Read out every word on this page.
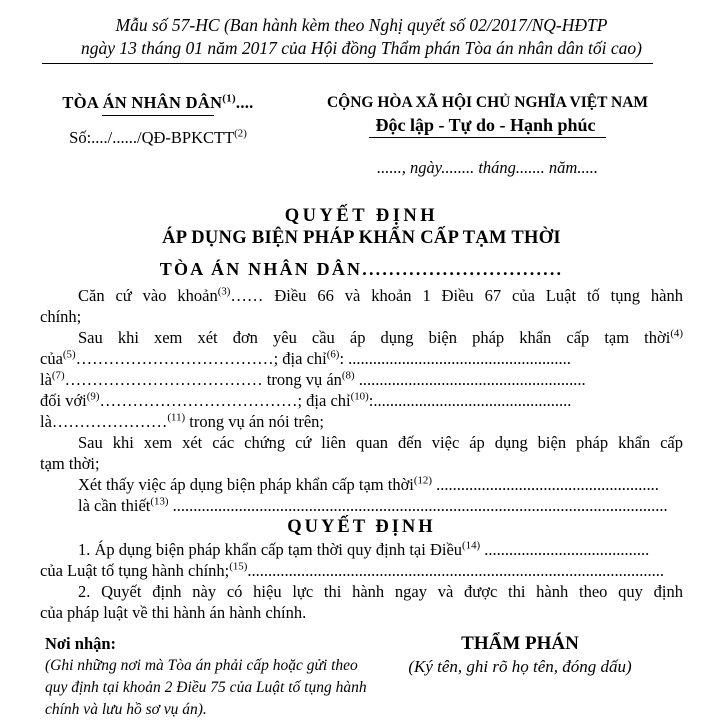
Mẫu số 57-HC (Ban hành kèm theo Nghị quyết số 02/2017/NQ-HĐTP
ngày 13 tháng 01 năm 2017 của Hội đồng Thẩm phán Tòa án nhân dân tối cao)
TÒA ÁN NHÂN DÂN$^{(1)}$....
Số:..../....../QĐ-BPKCTT$^{(2)}$
CỘNG HÒA XÃ HỘI CHỦ NGHĨA VIỆT NAM
Độc lập - Tự do - Hạnh phúc
......, ngày........ tháng....... năm.....
QUYẾT ĐỊNH
ÁP DỤNG BIỆN PHÁP KHẨN CẤP TẠM THỜI
TÒA ÁN NHÂN DÂN..............................
Căn cứ vào khoản$^{(3)}$…… Điều 66 và khoản 1 Điều 67 của Luật tố tụng hành
chính;
Sau khi xem xét đơn yêu cầu áp dụng biện pháp khẩn cấp tạm thời$^{(4)}$
của$^{(5)}$………………………………; địa chỉ$^{(6)}$: ......................................................
$là^{(7)}\dots\dots\dots\dots\dots\dots\dots\dots\dots\dots\dots\dots$ trong vụ $án^{(8)}$ .......................................................
đối với$^{(9)}$………………………………; địa chỉ$^{(10)}$:................................................
là…………………$^{(11)}$ trong vụ án nói trên;
Sau khi xem xét các chứng cứ liên quan đến việc áp dụng biện pháp khẩn cấp
tạm thời;
Xét thấy việc áp dụng biện pháp khẩn cấp tạm thời$^{(12)}$ ......................................................
là cần thiết$^{(13)}$ ........................................................................................................................
QUYẾT ĐỊNH
1. Áp dụng biện pháp khẩn cấp tạm thời quy định tại Điều$^{(14)}$ ........................................
của Luật tố tụng hành chính;$^{(15)}$.....................................................................................................
2. Quyết định này có hiệu lực thi hành ngay và được thi hành theo quy định
của pháp luật về thi hành án hành chính.
Nơi nhận:
(Ghi những nơi mà Tòa án phải cấp hoặc gửi theo quy định tại khoản 2 Điều 75 của Luật tố tụng hành chính và lưu hồ sơ vụ án).
THẨM PHÁN
(Ký tên, ghi rõ họ tên, đóng dấu)
